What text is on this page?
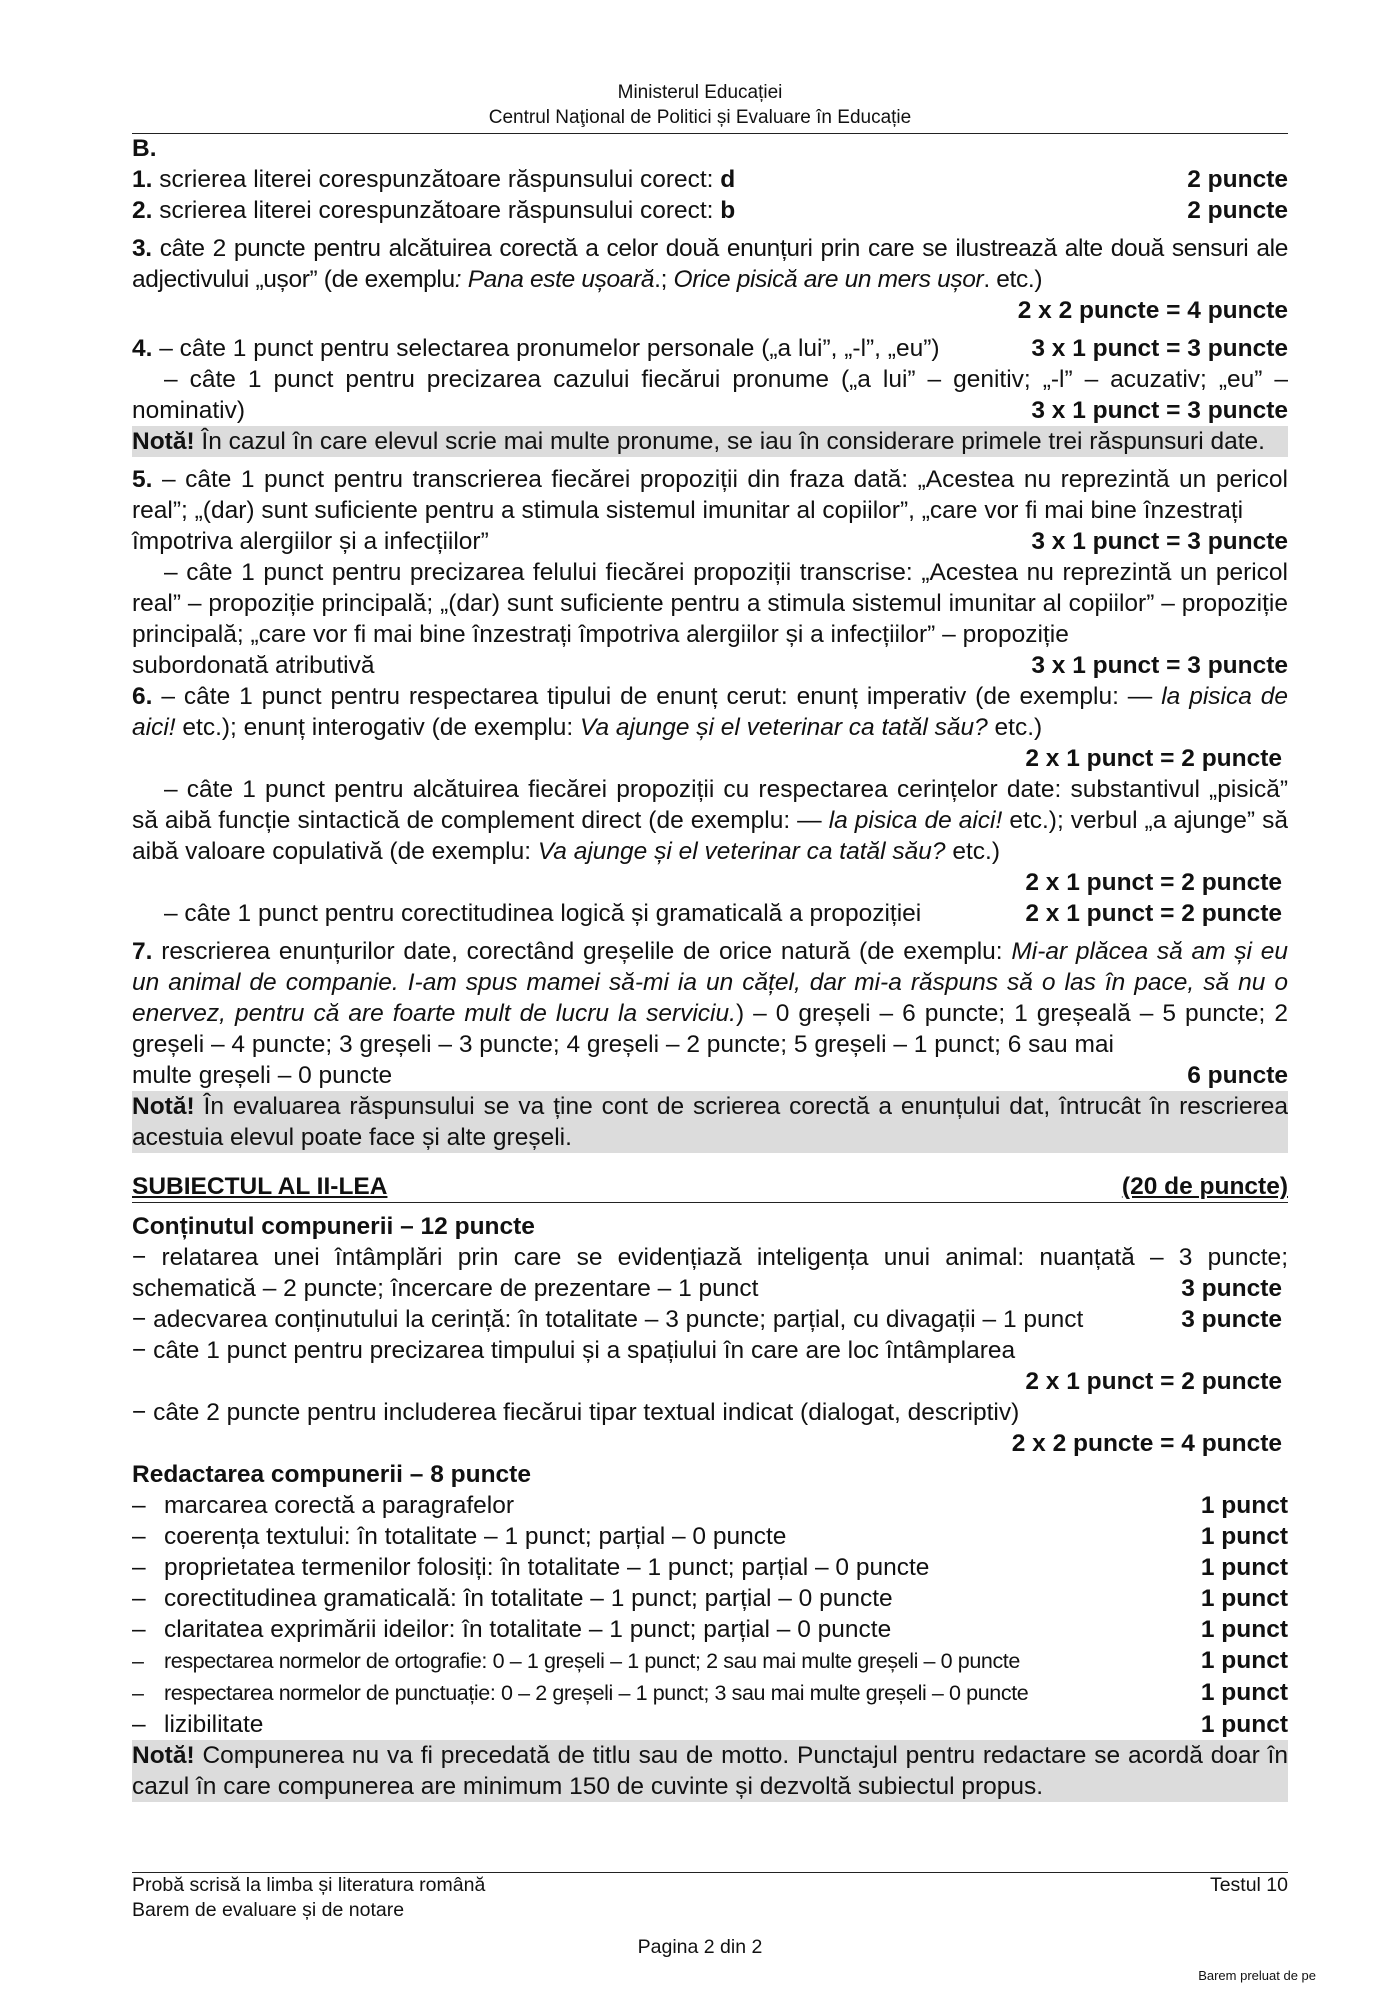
Ministerul Educației
Centrul Naţional de Politici și Evaluare în Educație
B.
1. scrierea literei corespunzătoare răspunsului corect: d	2 puncte
2. scrierea literei corespunzătoare răspunsului corect: b	2 puncte
3. câte 2 puncte pentru alcătuirea corectă a celor două enunțuri prin care se ilustrează alte două sensuri ale adjectivului „ușor” (de exemplu: Pana este ușoară.; Orice pisică are un mers ușor. etc.)
2 x 2 puncte = 4 puncte
4. – câte 1 punct pentru selectarea pronumelor personale („a lui”, „-l”, „eu”)	3 x 1 punct = 3 puncte
– câte 1 punct pentru precizarea cazului fiecărui pronume („a lui” – genitiv; „-l” – acuzativ; „eu” –
nominativ)	3 x 1 punct = 3 puncte
Notă! În cazul în care elevul scrie mai multe pronume, se iau în considerare primele trei răspunsuri date.
5. – câte 1 punct pentru transcrierea fiecărei propoziții din fraza dată: „Acestea nu reprezintă un pericol real”; „(dar) sunt suficiente pentru a stimula sistemul imunitar al copiilor”, „care vor fi mai bine înzestrați
împotriva alergiilor și a infecțiilor”	3 x 1 punct = 3 puncte
– câte 1 punct pentru precizarea felului fiecărei propoziții transcrise: „Acestea nu reprezintă un pericol real” – propoziție principală; „(dar) sunt suficiente pentru a stimula sistemul imunitar al copiilor” – propoziție principală; „care vor fi mai bine înzestrați împotriva alergiilor și a infecțiilor” – propoziție
subordonată atributivă	3 x 1 punct = 3 puncte
6. – câte 1 punct pentru respectarea tipului de enunț cerut: enunț imperativ (de exemplu: — la pisica de aici! etc.); enunț interogativ (de exemplu: Va ajunge și el veterinar ca tatăl său? etc.)
2 x 1 punct = 2 puncte
– câte 1 punct pentru alcătuirea fiecărei propoziții cu respectarea cerințelor date: substantivul „pisică” să aibă funcție sintactică de complement direct (de exemplu: — la pisica de aici! etc.); verbul „a ajunge” să aibă valoare copulativă (de exemplu: Va ajunge și el veterinar ca tatăl său? etc.)
2 x 1 punct = 2 puncte
– câte 1 punct pentru corectitudinea logică și gramaticală a propoziției	2 x 1 punct = 2 puncte
7. rescrierea enunțurilor date, corectând greșelile de orice natură (de exemplu: Mi-ar plăcea să am și eu un animal de companie. I-am spus mamei să-mi ia un cățel, dar mi-a răspuns să o las în pace, să nu o enervez, pentru că are foarte mult de lucru la serviciu.) – 0 greșeli – 6 puncte; 1 greșeală – 5 puncte; 2 greșeli – 4 puncte; 3 greșeli – 3 puncte; 4 greșeli – 2 puncte; 5 greșeli – 1 punct; 6 sau mai
multe greșeli – 0 puncte	6 puncte
Notă! În evaluarea răspunsului se va ține cont de scrierea corectă a enunțului dat, întrucât în rescrierea acestuia elevul poate face și alte greșeli.
SUBIECTUL AL II-LEA	(20 de puncte)
Conținutul compunerii – 12 puncte
− relatarea unei întâmplări prin care se evidențiază inteligența unui animal: nuanțată – 3 puncte;
schematică – 2 puncte; încercare de prezentare – 1 punct	3 puncte
− adecvarea conținutului la cerință: în totalitate – 3 puncte; parțial, cu divagații – 1 punct	3 puncte
− câte 1 punct pentru precizarea timpului și a spațiului în care are loc întâmplarea
2 x 1 punct = 2 puncte
− câte 2 puncte pentru includerea fiecărui tipar textual indicat (dialogat, descriptiv)
2 x 2 puncte = 4 puncte
Redactarea compunerii – 8 puncte
– marcarea corectă a paragrafelor	1 punct
– coerența textului: în totalitate – 1 punct; parțial – 0 puncte	1 punct
– proprietatea termenilor folosiți: în totalitate – 1 punct; parțial – 0 puncte	1 punct
– corectitudinea gramaticală: în totalitate – 1 punct; parțial – 0 puncte	1 punct
– claritatea exprimării ideilor: în totalitate – 1 punct; parțial – 0 puncte	1 punct
– respectarea normelor de ortografie: 0 – 1 greșeli – 1 punct; 2 sau mai multe greșeli – 0 puncte	1 punct
– respectarea normelor de punctuație: 0 – 2 greșeli – 1 punct; 3 sau mai multe greșeli – 0 puncte	1 punct
– lizibilitate	1 punct
Notă! Compunerea nu va fi precedată de titlu sau de motto. Punctajul pentru redactare se acordă doar în cazul în care compunerea are minimum 150 de cuvinte și dezvoltă subiectul propus.
Probă scrisă la limba și literatura română	Testul 10
Barem de evaluare și de notare
Pagina 2 din 2
Barem preluat de pe
